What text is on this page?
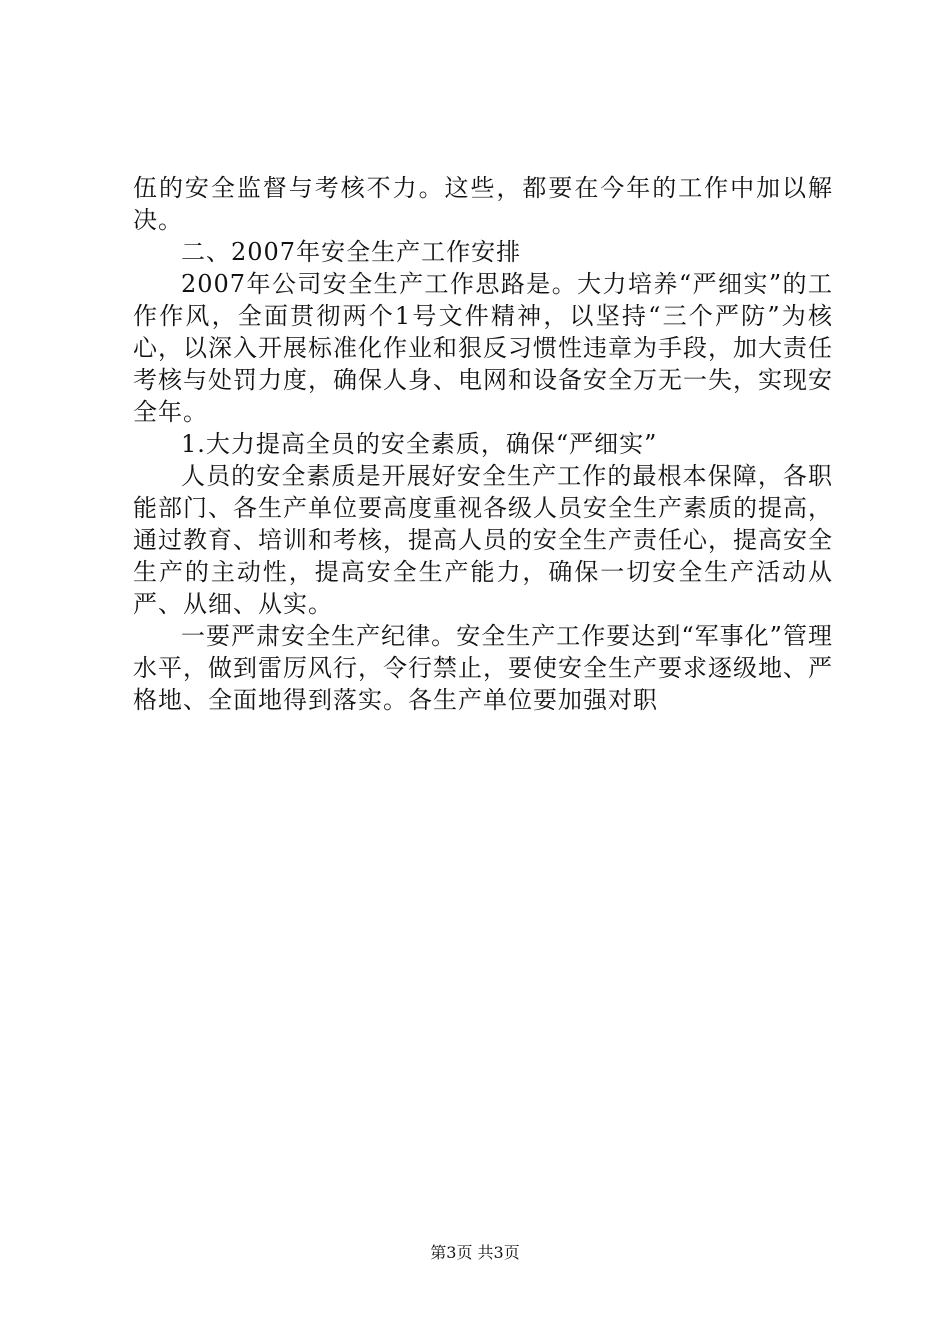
伍的安全监督与考核不力。这些，都要在今年的工作中加以解决。

二、2007年安全生产工作安排

2007年公司安全生产工作思路是。大力培养“严细实”的工作作风，全面贯彻两个1号文件精神，以坚持“三个严防”为核心，以深入开展标准化作业和狠反习惯性违章为手段，加大责任考核与处罚力度，确保人身、电网和设备安全万无一失，实现安全年。

1.大力提高全员的安全素质，确保“严细实”

人员的安全素质是开展好安全生产工作的最根本保障，各职能部门、各生产单位要高度重视各级人员安全生产素质的提高，通过教育、培训和考核，提高人员的安全生产责任心，提高安全生产的主动性，提高安全生产能力，确保一切安全生产活动从严、从细、从实。

一要严肃安全生产纪律。安全生产工作要达到“军事化”管理水平，做到雷厉风行，令行禁止，要使安全生产要求逐级地、严格地、全面地得到落实。各生产单位要加强对职

第3页 共3页
